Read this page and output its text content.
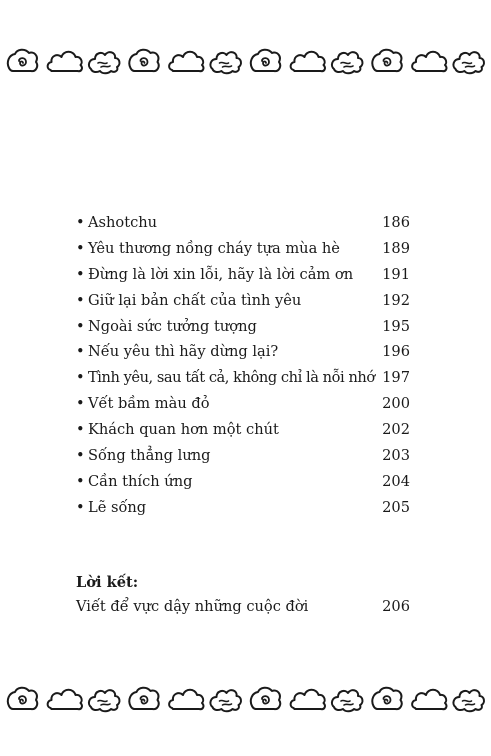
• Ashotchu	186
• Yêu thương nồng cháy tựa mùa hè	189
• Đừng là lời xin lỗi, hãy là lời cảm ơn 191
• Giữ lại bản chất của tình yêu	192
• Ngoài sức tưởng tượng	195
• Nếu yêu thì hãy dừng lại?	196
• Tình yêu, sau tất cả, không chỉ là nỗi nhớ 197
• Vết bầm màu đỏ	200
• Khách quan hơn một chút	202
• Sống thẳng lưng	203
• Cần thích ứng	204
• Lẽ sống	205
Lời kết:
Viết để vực dậy những cuộc đời	206
